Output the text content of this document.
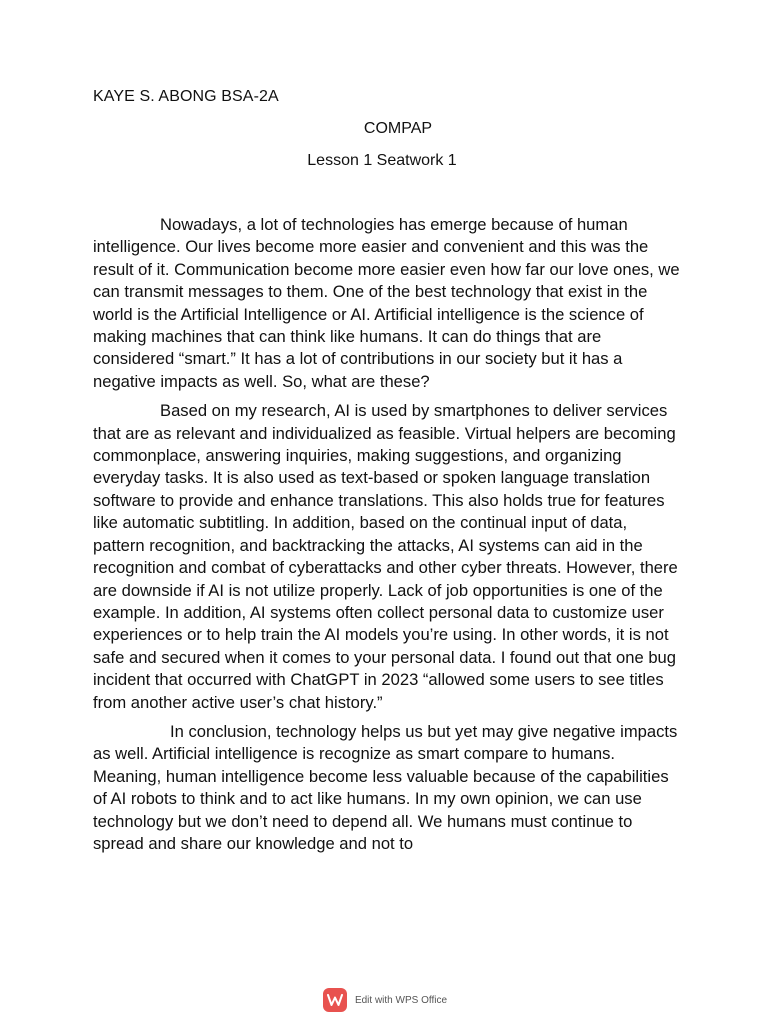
KAYE S. ABONG BSA-2A
COMPAP
Lesson 1 Seatwork 1

Nowadays, a lot of technologies has emerge because of human intelligence. Our lives become more easier and convenient and this was the result of it. Communication become more easier even how far our love ones, we can transmit messages to them. One of the best technology that exist in the world is the Artificial Intelligence or AI. Artificial intelligence is the science of making machines that can think like humans. It can do things that are considered “smart.” It has a lot of contributions in our society but it has a negative impacts as well. So, what are these?

Based on my research, AI is used by smartphones to deliver services that are as relevant and individualized as feasible. Virtual helpers are becoming commonplace, answering inquiries, making suggestions, and organizing everyday tasks. It is also used as text-based or spoken language translation software to provide and enhance translations. This also holds true for features like automatic subtitling. In addition, based on the continual input of data, pattern recognition, and backtracking the attacks, AI systems can aid in the recognition and combat of cyberattacks and other cyber threats. However, there are downside if AI is not utilize properly. Lack of job opportunities is one of the example. In addition, AI systems often collect personal data to customize user experiences or to help train the AI models you’re using. In other words, it is not safe and secured when it comes to your personal data. I found out that one bug incident that occurred with ChatGPT in 2023 “allowed some users to see titles from another active user’s chat history.”

In conclusion, technology helps us but yet may give negative impacts as well. Artificial intelligence is recognize as smart compare to humans. Meaning, human intelligence become less valuable because of the capabilities of AI robots to think and to act like humans. In my own opinion, we can use technology but we don’t need to depend all. We humans must continue to spread and share our knowledge and not to

Edit with WPS Office
